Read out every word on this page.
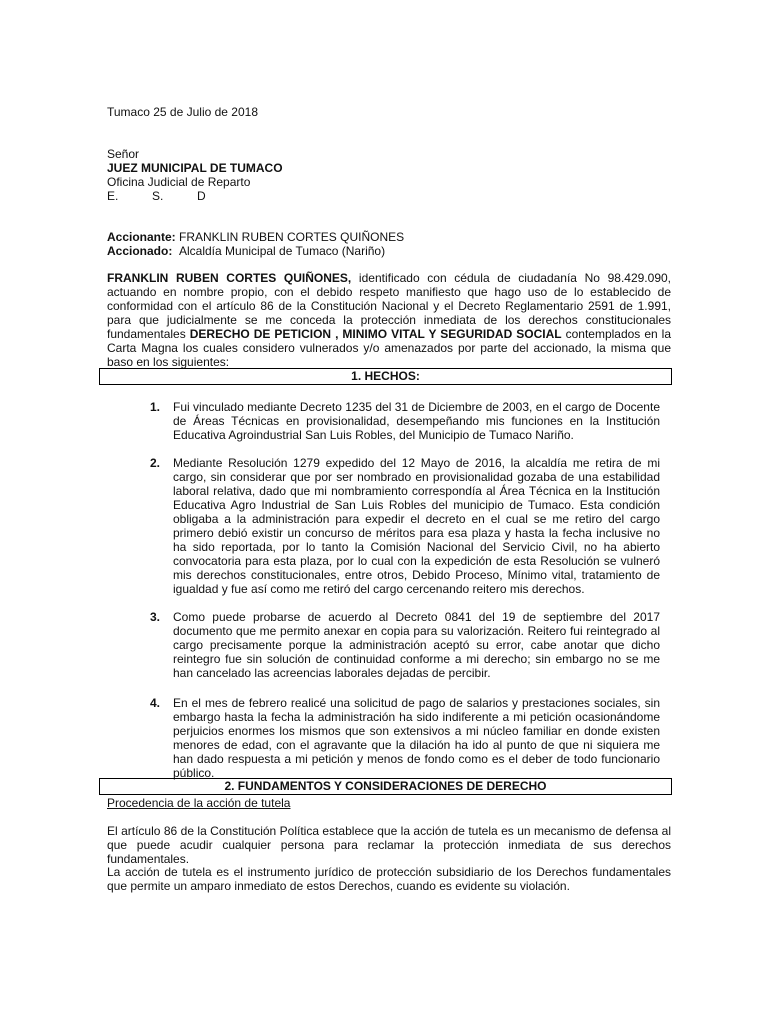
Tumaco 25 de Julio de 2018
Señor
JUEZ MUNICIPAL DE TUMACO
Oficina Judicial de Reparto
E.	S.	D
Accionante: FRANKLIN RUBEN CORTES QUIÑONES
Accionado: Alcaldía Municipal de Tumaco (Nariño)
FRANKLIN RUBEN CORTES QUIÑONES, identificado con cédula de ciudadanía No 98.429.090, actuando en nombre propio, con el debido respeto manifiesto que hago uso de lo establecido de conformidad con el artículo 86 de la Constitución Nacional y el Decreto Reglamentario 2591 de 1.991, para que judicialmente se me conceda la protección inmediata de los derechos constitucionales fundamentales DERECHO DE PETICION , MINIMO VITAL Y SEGURIDAD SOCIAL contemplados en la Carta Magna los cuales considero vulnerados y/o amenazados por parte del accionado, la misma que baso en los siguientes:
1. HECHOS:
1. Fui vinculado mediante Decreto 1235 del 31 de Diciembre de 2003, en el cargo de Docente de Áreas Técnicas en provisionalidad, desempeñando mis funciones en la Institución Educativa Agroindustrial San Luis Robles, del Municipio de Tumaco Nariño.
2. Mediante Resolución 1279 expedido del 12 Mayo de 2016, la alcaldía me retira de mi cargo, sin considerar que por ser nombrado en provisionalidad gozaba de una estabilidad laboral relativa, dado que mi nombramiento correspondía al Área Técnica en la Institución Educativa Agro Industrial de San Luis Robles del municipio de Tumaco. Esta condición obligaba a la administración para expedir el decreto en el cual se me retiro del cargo primero debió existir un concurso de méritos para esa plaza y hasta la fecha inclusive no ha sido reportada, por lo tanto la Comisión Nacional del Servicio Civil, no ha abierto convocatoria para esta plaza, por lo cual con la expedición de esta Resolución se vulneró mis derechos constitucionales, entre otros, Debido Proceso, Mínimo vital, tratamiento de igualdad y fue así como me retiró del cargo cercenando reitero mis derechos.
3. Como puede probarse de acuerdo al Decreto 0841 del 19 de septiembre del 2017 documento que me permito anexar en copia para su valorización. Reitero fui reintegrado al cargo precisamente porque la administración aceptó su error, cabe anotar que dicho reintegro fue sin solución de continuidad conforme a mi derecho; sin embargo no se me han cancelado las acreencias laborales dejadas de percibir.
4. En el mes de febrero realicé una solicitud de pago de salarios y prestaciones sociales, sin embargo hasta la fecha la administración ha sido indiferente a mi petición ocasionándome perjuicios enormes los mismos que son extensivos a mi núcleo familiar en donde existen menores de edad, con el agravante que la dilación ha ido al punto de que ni siquiera me han dado respuesta a mi petición y menos de fondo como es el deber de todo funcionario público.
2. FUNDAMENTOS Y CONSIDERACIONES DE DERECHO
Procedencia de la acción de tutela
El artículo 86 de la Constitución Política establece que la acción de tutela es un mecanismo de defensa al que puede acudir cualquier persona para reclamar la protección inmediata de sus derechos fundamentales.
La acción de tutela es el instrumento jurídico de protección subsidiario de los Derechos fundamentales que permite un amparo inmediato de estos Derechos, cuando es evidente su violación.
